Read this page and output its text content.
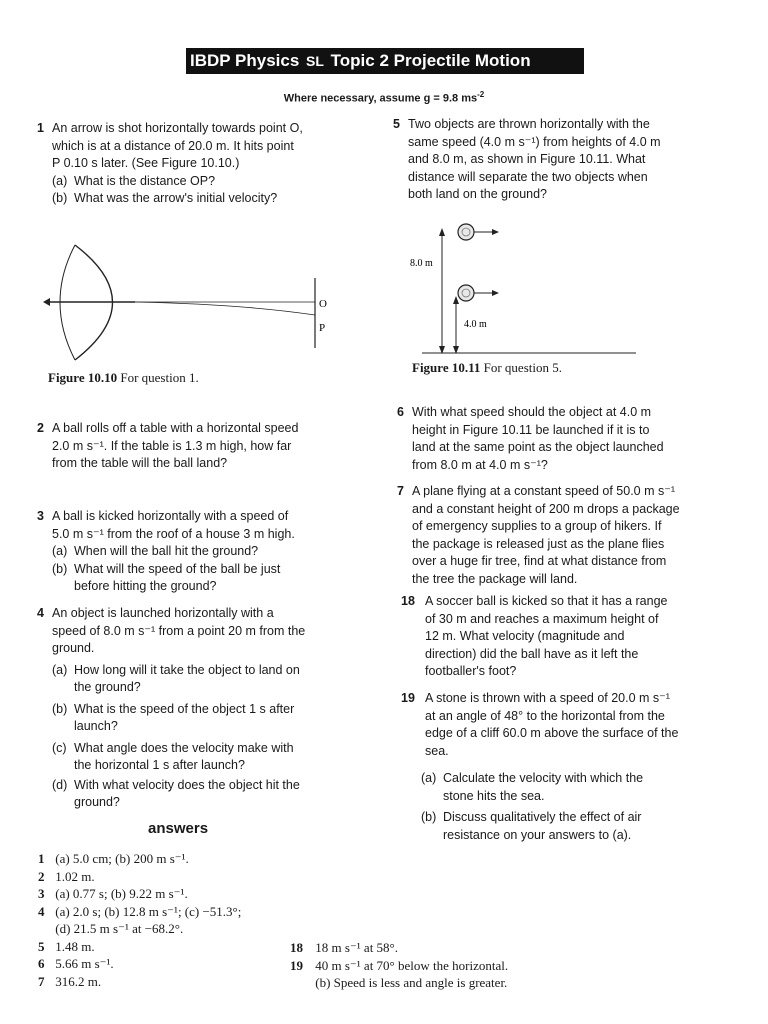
IBDP Physics SL Topic 2 Projectile Motion
Where necessary, assume g = 9.8 $ms^{-2}$
1 An arrow is shot horizontally towards point O,
which is at a distance of 20.0 m. It hits point
P 0.10 s later. (See Figure 10.10.)
(a) What is the distance OP?
(b) What was the arrow's initial velocity?
O
P
Figure 10.10 For question 1.
2 A ball rolls off a table with a horizontal speed
2.0 m s⁻¹. If the table is 1.3 m high, how far
from the table will the ball land?
3 A ball is kicked horizontally with a speed of
5.0 m s⁻¹ from the roof of a house 3 m high.
(a) When will the ball hit the ground?
(b) What will the speed of the ball be just
before hitting the ground?
4 An object is launched horizontally with a
speed of 8.0 m s⁻¹ from a point 20 m from the
ground.
(a) How long will it take the object to land on
the ground?
(b) What is the speed of the object 1 s after
launch?
(c) What angle does the velocity make with
the horizontal 1 s after launch?
(d) With what velocity does the object hit the
ground?
5 Two objects are thrown horizontally with the
same speed (4.0 m s⁻¹) from heights of 4.0 m
and 8.0 m, as shown in Figure 10.11. What
distance will separate the two objects when
both land on the ground?
8.0 m
4.0 m
Figure 10.11 For question 5.
6 With what speed should the object at 4.0 m
height in Figure 10.11 be launched if it is to
land at the same point as the object launched
from 8.0 m at 4.0 m s⁻¹?
7 A plane flying at a constant speed of 50.0 m s⁻¹
and a constant height of 200 m drops a package
of emergency supplies to a group of hikers. If
the package is released just as the plane flies
over a huge fir tree, find at what distance from
the tree the package will land.
18 A soccer ball is kicked so that it has a range
of 30 m and reaches a maximum height of
12 m. What velocity (magnitude and
direction) did the ball have as it left the
footballer's foot?
19 A stone is thrown with a speed of 20.0 m s⁻¹
at an angle of 48° to the horizontal from the
edge of a cliff 60.0 m above the surface of the
sea.
(a) Calculate the velocity with which the
stone hits the sea.
(b) Discuss qualitatively the effect of air
resistance on your answers to (a).
answers
1 (a) 5.0 cm; (b) 200 m s⁻¹.
2 1.02 m.
3 (a) 0.77 s; (b) 9.22 m s⁻¹.
4 (a) 2.0 s; (b) 12.8 m s⁻¹; (c) −51.3°;
(d) 21.5 m s⁻¹ at −68.2°.
5 1.48 m.
6 5.66 m s⁻¹.
7 316.2 m.
18 18 m s⁻¹ at 58°.
19 40 m s⁻¹ at 70° below the horizontal.
(b) Speed is less and angle is greater.
